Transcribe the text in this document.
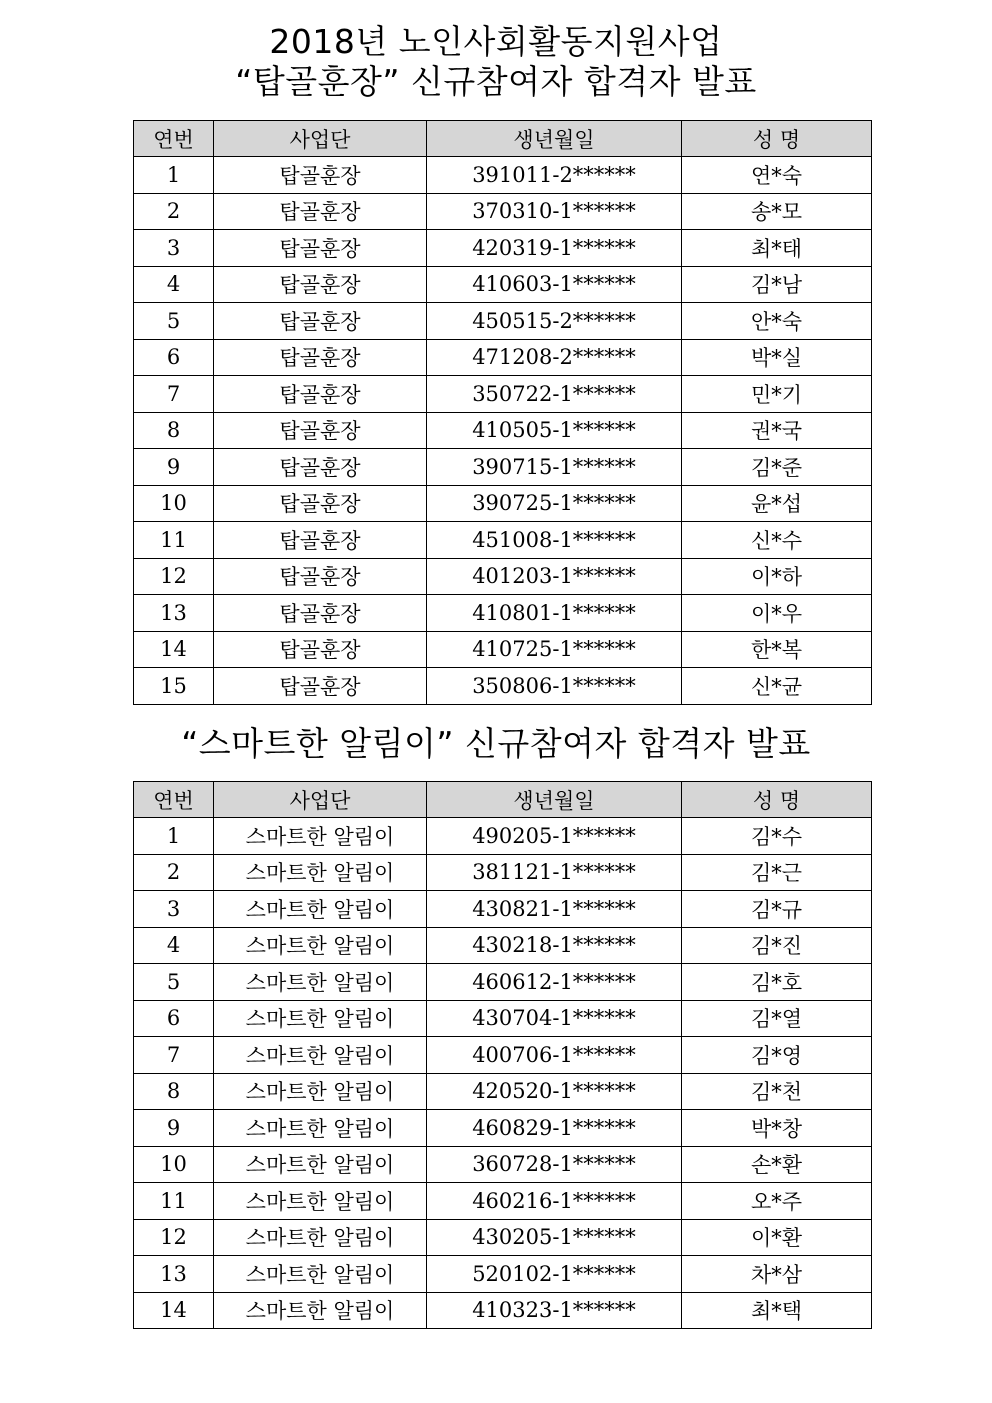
2018년 노인사회활동지원사업
“탑골훈장” 신규참여자 합격자 발표
연번	사업단	생년월일	성 명
1	탑골훈장	391011-2******	연*숙
2	탑골훈장	370310-1******	송*모
3	탑골훈장	420319-1******	최*태
4	탑골훈장	410603-1******	김*남
5	탑골훈장	450515-2******	안*숙
6	탑골훈장	471208-2******	박*실
7	탑골훈장	350722-1******	민*기
8	탑골훈장	410505-1******	권*국
9	탑골훈장	390715-1******	김*준
10	탑골훈장	390725-1******	윤*섭
11	탑골훈장	451008-1******	신*수
12	탑골훈장	401203-1******	이*하
13	탑골훈장	410801-1******	이*우
14	탑골훈장	410725-1******	한*복
15	탑골훈장	350806-1******	신*균
“스마트한 알림이” 신규참여자 합격자 발표
연번	사업단	생년월일	성 명
1	스마트한 알림이	490205-1******	김*수
2	스마트한 알림이	381121-1******	김*근
3	스마트한 알림이	430821-1******	김*규
4	스마트한 알림이	430218-1******	김*진
5	스마트한 알림이	460612-1******	김*호
6	스마트한 알림이	430704-1******	김*열
7	스마트한 알림이	400706-1******	김*영
8	스마트한 알림이	420520-1******	김*천
9	스마트한 알림이	460829-1******	박*창
10	스마트한 알림이	360728-1******	손*환
11	스마트한 알림이	460216-1******	오*주
12	스마트한 알림이	430205-1******	이*환
13	스마트한 알림이	520102-1******	차*삼
14	스마트한 알림이	410323-1******	최*택
